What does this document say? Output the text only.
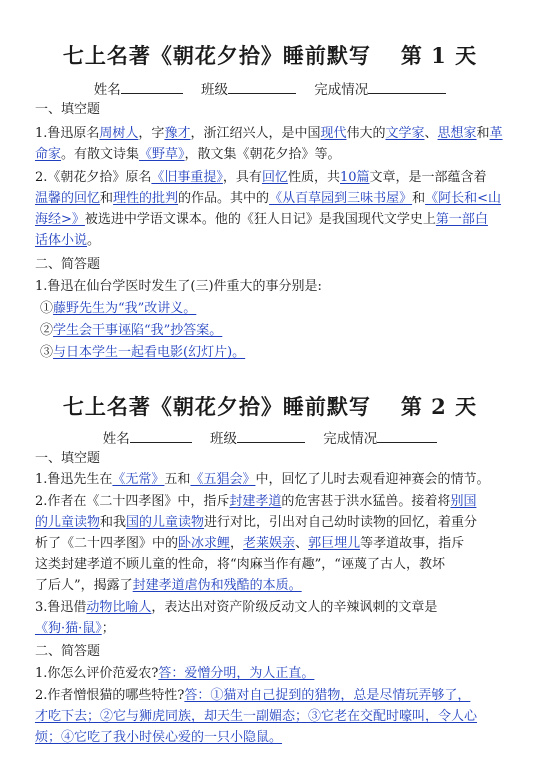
七上名著《朝花夕拾》睡前默写 第 1 天
姓名	班级	完成情况
一、填空题
1.鲁迅原名周树人，字豫才，浙江绍兴人，是中国现代伟大的文学家、思想家和革
命家。有散文诗集《野草》，散文集《朝花夕拾》等。
2.《朝花夕拾》原名《旧事重提》，具有回忆性质，共10篇文章，是一部蕴含着
温馨的回忆和理性的批判的作品。其中的《从百草园到三味书屋》和《阿长和<山
海经>》被选进中学语文课本。他的《狂人日记》是我国现代文学史上第一部白
话体小说。
二、简答题
1.鲁迅在仙台学医时发生了(三)件重大的事分别是:
①藤野先生为“我”改讲义。
②学生会干事诬陷“我”抄答案。
③与日本学生一起看电影(幻灯片)。
七上名著《朝花夕拾》睡前默写 第 2 天
姓名	班级	完成情况
一、填空题
1.鲁迅先生在《无常》五和《五猖会》中，回忆了儿时去观看迎神赛会的情节。
2.作者在《二十四孝图》中，指斥封建孝道的危害甚于洪水猛兽。接着将别国
的儿童读物和我国的儿童读物进行对比，引出对自己幼时读物的回忆，着重分
析了《二十四孝图》中的卧冰求鲤，老莱娱亲、郭巨埋儿等孝道故事，指斥
这类封建孝道不顾儿童的性命，将“肉麻当作有趣”，“诬蔑了古人，教坏
了后人”，揭露了封建孝道虐伪和残酷的本质。
3.鲁迅借动物比喻人，表达出对资产阶级反动文人的辛辣讽刺的文章是
《狗·猫·鼠》；
二、简答题
1.你怎么评价范爱农?答：爱憎分明，为人正直。
2.作者憎恨猫的哪些特性?答：①猫对自己捉到的猎物，总是尽情玩弄够了，
才吃下去；②它与狮虎同族，却天生一副媚态；③它老在交配时嚎叫，令人心
烦；④它吃了我小时侯心爱的一只小隐鼠。
